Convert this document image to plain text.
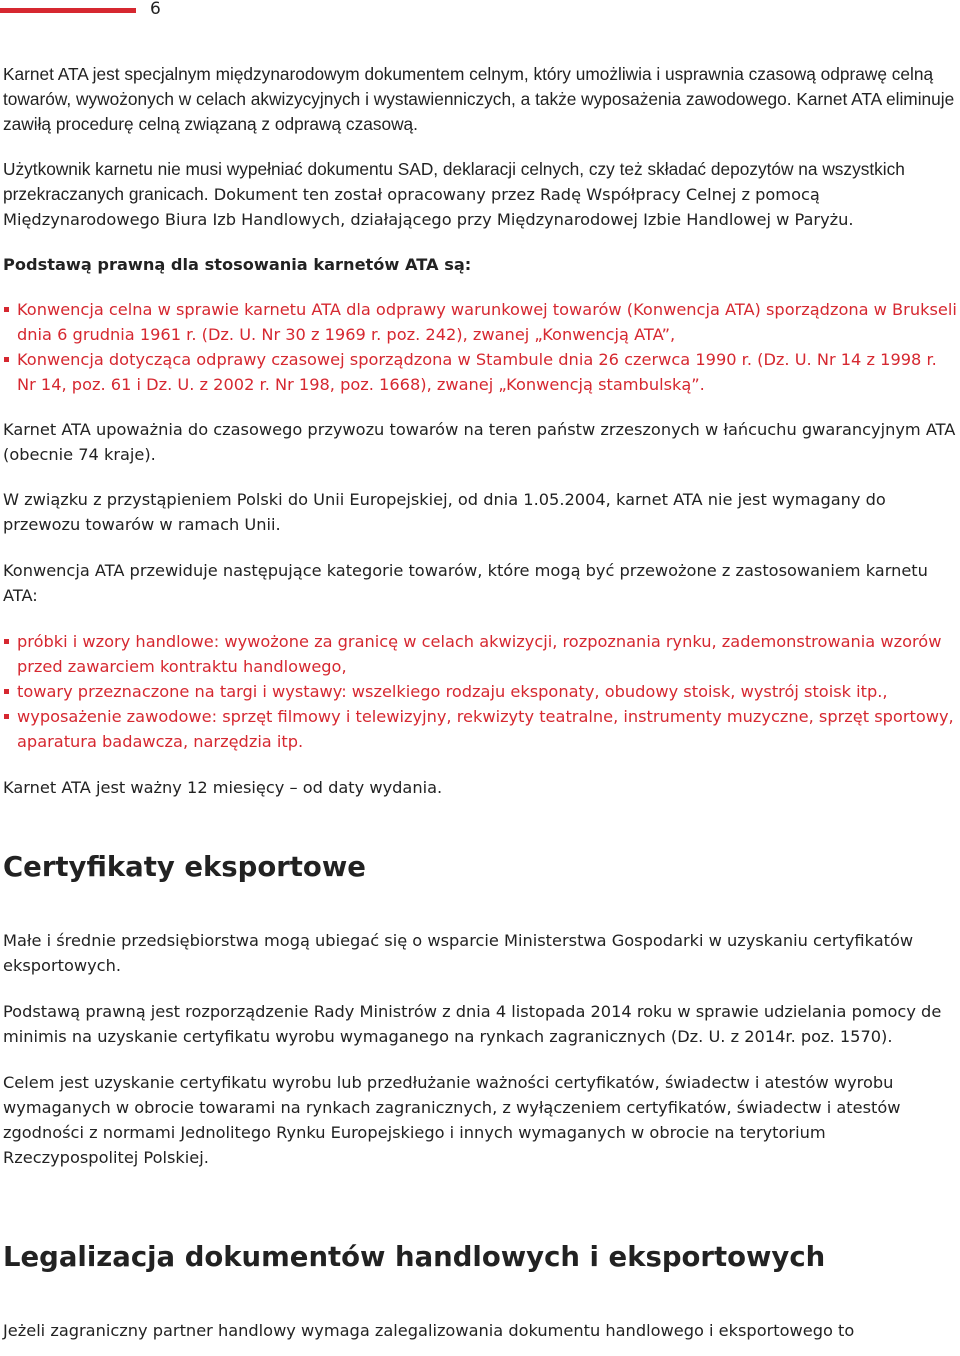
6

Karnet ATA jest specjalnym międzynarodowym dokumentem celnym, który umożliwia i usprawnia czasową odprawę celną towarów, wywożonych w celach akwizycyjnych i wystawienniczych, a także wyposażenia zawodowego. Karnet ATA eliminuje zawiłą procedurę celną związaną z odprawą czasową.

Użytkownik karnetu nie musi wypełniać dokumentu SAD, deklaracji celnych, czy też składać depozytów na wszystkich przekraczanych granicach. Dokument ten został opracowany przez Radę Współpracy Celnej z pomocą Międzynarodowego Biura Izb Handlowych, działającego przy Międzynarodowej Izbie Handlowej w Paryżu.

Podstawą prawną dla stosowania karnetów ATA są:

Konwencja celna w sprawie karnetu ATA dla odprawy warunkowej towarów (Konwencja ATA) sporządzona w Brukseli dnia 6 grudnia 1961 r. (Dz. U. Nr 30 z 1969 r. poz. 242), zwanej „Konwencją ATA”,
Konwencja dotycząca odprawy czasowej sporządzona w Stambule dnia 26 czerwca 1990 r. (Dz. U. Nr 14 z 1998 r. Nr 14, poz. 61 i Dz. U. z 2002 r. Nr 198, poz. 1668), zwanej „Konwencją stambulską”.

Karnet ATA upoważnia do czasowego przywozu towarów na teren państw zrzeszonych w łańcuchu gwarancyjnym ATA (obecnie 74 kraje).

W związku z przystąpieniem Polski do Unii Europejskiej, od dnia 1.05.2004, karnet ATA nie jest wymagany do przewozu towarów w ramach Unii.

Konwencja ATA przewiduje następujące kategorie towarów, które mogą być przewożone z zastosowaniem karnetu ATA:

próbki i wzory handlowe: wywożone za granicę w celach akwizycji, rozpoznania rynku, zademonstrowania wzorów przed zawarciem kontraktu handlowego,
towary przeznaczone na targi i wystawy: wszelkiego rodzaju eksponaty, obudowy stoisk, wystrój stoisk itp.,
wyposażenie zawodowe: sprzęt filmowy i telewizyjny, rekwizyty teatralne, instrumenty muzyczne, sprzęt sportowy, aparatura badawcza, narzędzia itp.

Karnet ATA jest ważny 12 miesięcy – od daty wydania.

Certyfikaty eksportowe

Małe i średnie przedsiębiorstwa mogą ubiegać się o wsparcie Ministerstwa Gospodarki w uzyskaniu certyfikatów eksportowych.

Podstawą prawną jest rozporządzenie Rady Ministrów z dnia 4 listopada 2014 roku w sprawie udzielania pomocy de minimis na uzyskanie certyfikatu wyrobu wymaganego na rynkach zagranicznych (Dz. U. z 2014r. poz. 1570).

Celem jest uzyskanie certyfikatu wyrobu lub przedłużanie ważności certyfikatów, świadectw i atestów wyrobu wymaganych w obrocie towarami na rynkach zagranicznych, z wyłączeniem certyfikatów, świadectw i atestów zgodności z normami Jednolitego Rynku Europejskiego i innych wymaganych w obrocie na terytorium Rzeczypospolitej Polskiej.

Legalizacja dokumentów handlowych i eksportowych

Jeżeli zagraniczny partner handlowy wymaga zalegalizowania dokumentu handlowego i eksportowego to
